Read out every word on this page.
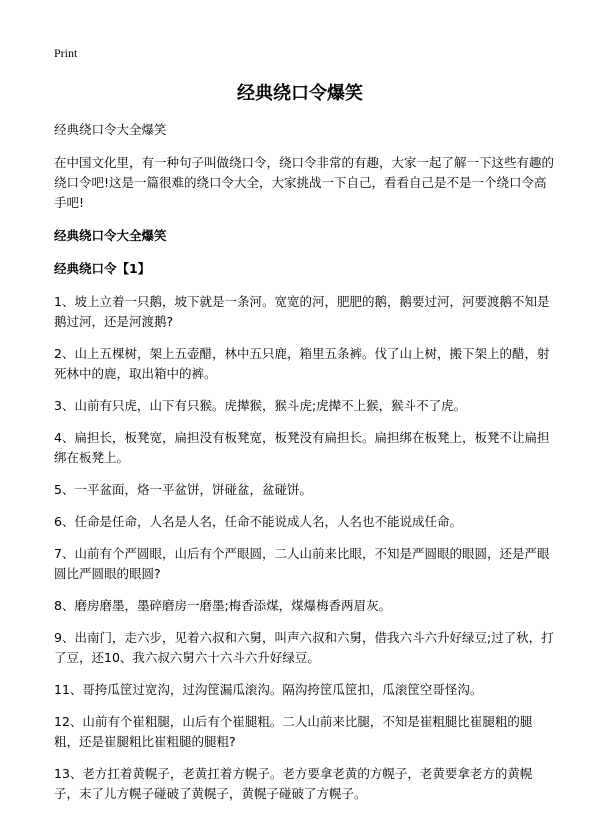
Print
经典绕口令爆笑

经典绕口令大全爆笑

在中国文化里，有一种句子叫做绕口令，绕口令非常的有趣，大家一起了解一下这些有趣的绕口令吧!这是一篇很难的绕口令大全，大家挑战一下自己，看看自己是不是一个绕口令高手吧!

经典绕口令大全爆笑

经典绕口令【1】

1、坡上立着一只鹅，坡下就是一条河。宽宽的河，肥肥的鹅，鹅要过河，河要渡鹅不知是鹅过河，还是河渡鹅?

2、山上五棵树，架上五壶醋，林中五只鹿，箱里五条裤。伐了山上树，搬下架上的醋，射死林中的鹿，取出箱中的裤。

3、山前有只虎，山下有只猴。虎撵猴，猴斗虎;虎撵不上猴，猴斗不了虎。

4、扁担长，板凳宽，扁担没有板凳宽，板凳没有扁担长。扁担绑在板凳上，板凳不让扁担绑在板凳上。

5、一平盆面，烙一平盆饼，饼碰盆，盆碰饼。

6、任命是任命，人名是人名，任命不能说成人名，人名也不能说成任命。

7、山前有个严圆眼，山后有个严眼圆，二人山前来比眼，不知是严圆眼的眼圆，还是严眼圆比严圆眼的眼圆?

8、磨房磨墨，墨碎磨房一磨墨;梅香添煤，煤爆梅香两眉灰。

9、出南门，走六步，见着六叔和六舅，叫声六叔和六舅，借我六斗六升好绿豆;过了秋，打了豆，还10、我六叔六舅六十六斗六升好绿豆。

11、哥挎瓜筐过宽沟，过沟筐漏瓜滚沟。隔沟挎筐瓜筐扣，瓜滚筐空哥怪沟。

12、山前有个崔粗腿，山后有个崔腿粗。二人山前来比腿，不知是崔粗腿比崔腿粗的腿粗，还是崔腿粗比崔粗腿的腿粗?

13、老方扛着黄幌子，老黄扛着方幌子。老方要拿老黄的方幌子，老黄要拿老方的黄幌子，末了儿方幌子碰破了黄幌子，黄幌子碰破了方幌子。
